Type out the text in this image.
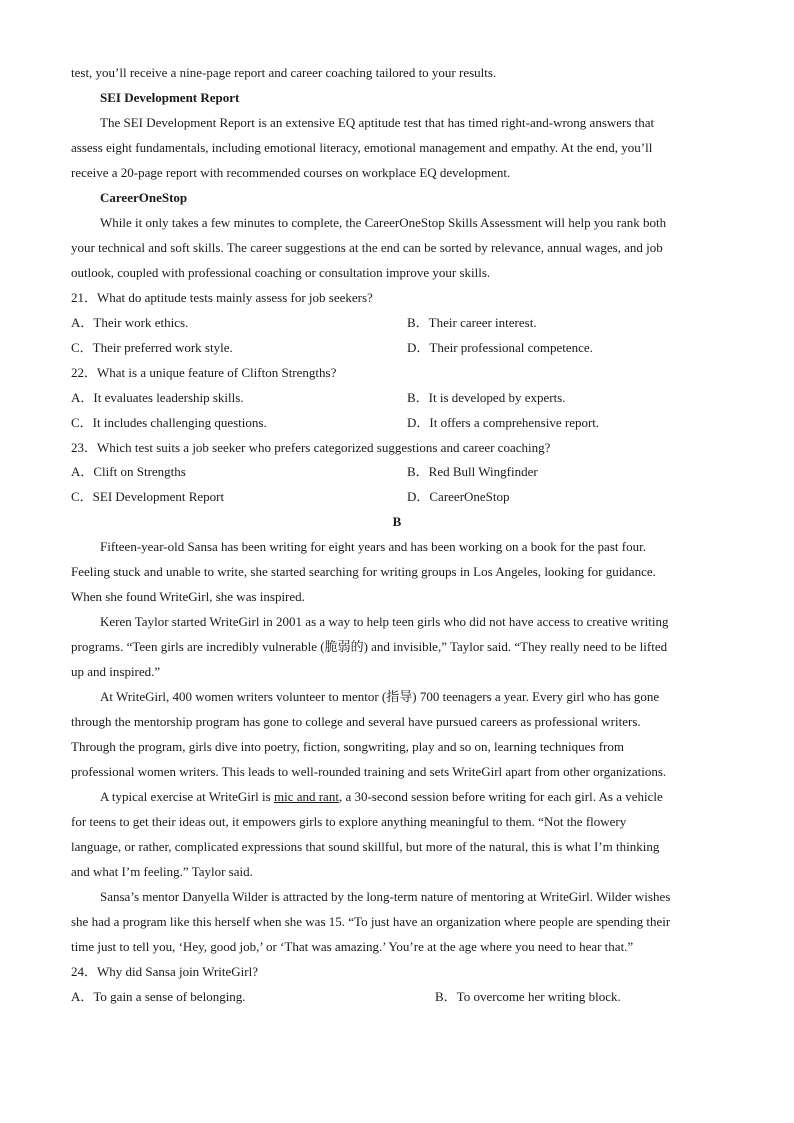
test, you’ll receive a nine-page report and career coaching tailored to your results.
SEI Development Report
The SEI Development Report is an extensive EQ aptitude test that has timed right-and-wrong answers that
assess eight fundamentals, including emotional literacy, emotional management and empathy. At the end, you’ll
receive a 20-page report with recommended courses on workplace EQ development.
CareerOneStop
While it only takes a few minutes to complete, the CareerOneStop Skills Assessment will help you rank both
your technical and soft skills. The career suggestions at the end can be sorted by relevance, annual wages, and job
outlook, coupled with professional coaching or consultation improve your skills.
21．What do aptitude tests mainly assess for job seekers?
A．Their work ethics.	B．Their career interest.
C．Their preferred work style.	D．Their professional competence.
22．What is a unique feature of Clifton Strengths?
A．It evaluates leadership skills.	B．It is developed by experts.
C．It includes challenging questions.	D．It offers a comprehensive report.
23．Which test suits a job seeker who prefers categorized suggestions and career coaching?
A．Clift on Strengths	B．Red Bull Wingfinder
C．SEI Development Report	D．CareerOneStop
B
Fifteen-year-old Sansa has been writing for eight years and has been working on a book for the past four.
Feeling stuck and unable to write, she started searching for writing groups in Los Angeles, looking for guidance.
When she found WriteGirl, she was inspired.
Keren Taylor started WriteGirl in 2001 as a way to help teen girls who did not have access to creative writing
programs. “Teen girls are incredibly vulnerable (脆弱的) and invisible,” Taylor said. “They really need to be lifted
up and inspired.”
At WriteGirl, 400 women writers volunteer to mentor (指导) 700 teenagers a year. Every girl who has gone
through the mentorship program has gone to college and several have pursued careers as professional writers.
Through the program, girls dive into poetry, fiction, songwriting, play and so on, learning techniques from
professional women writers. This leads to well-rounded training and sets WriteGirl apart from other organizations.
A typical exercise at WriteGirl is mic and rant, a 30-second session before writing for each girl. As a vehicle
for teens to get their ideas out, it empowers girls to explore anything meaningful to them. “Not the flowery
language, or rather, complicated expressions that sound skillful, but more of the natural, this is what I’m thinking
and what I’m feeling.” Taylor said.
Sansa’s mentor Danyella Wilder is attracted by the long-term nature of mentoring at WriteGirl. Wilder wishes
she had a program like this herself when she was 15. “To just have an organization where people are spending their
time just to tell you, ‘Hey, good job,’ or ‘That was amazing.’ You’re at the age where you need to hear that.”
24．Why did Sansa join WriteGirl?
A．To gain a sense of belonging.	B．To overcome her writing block.
